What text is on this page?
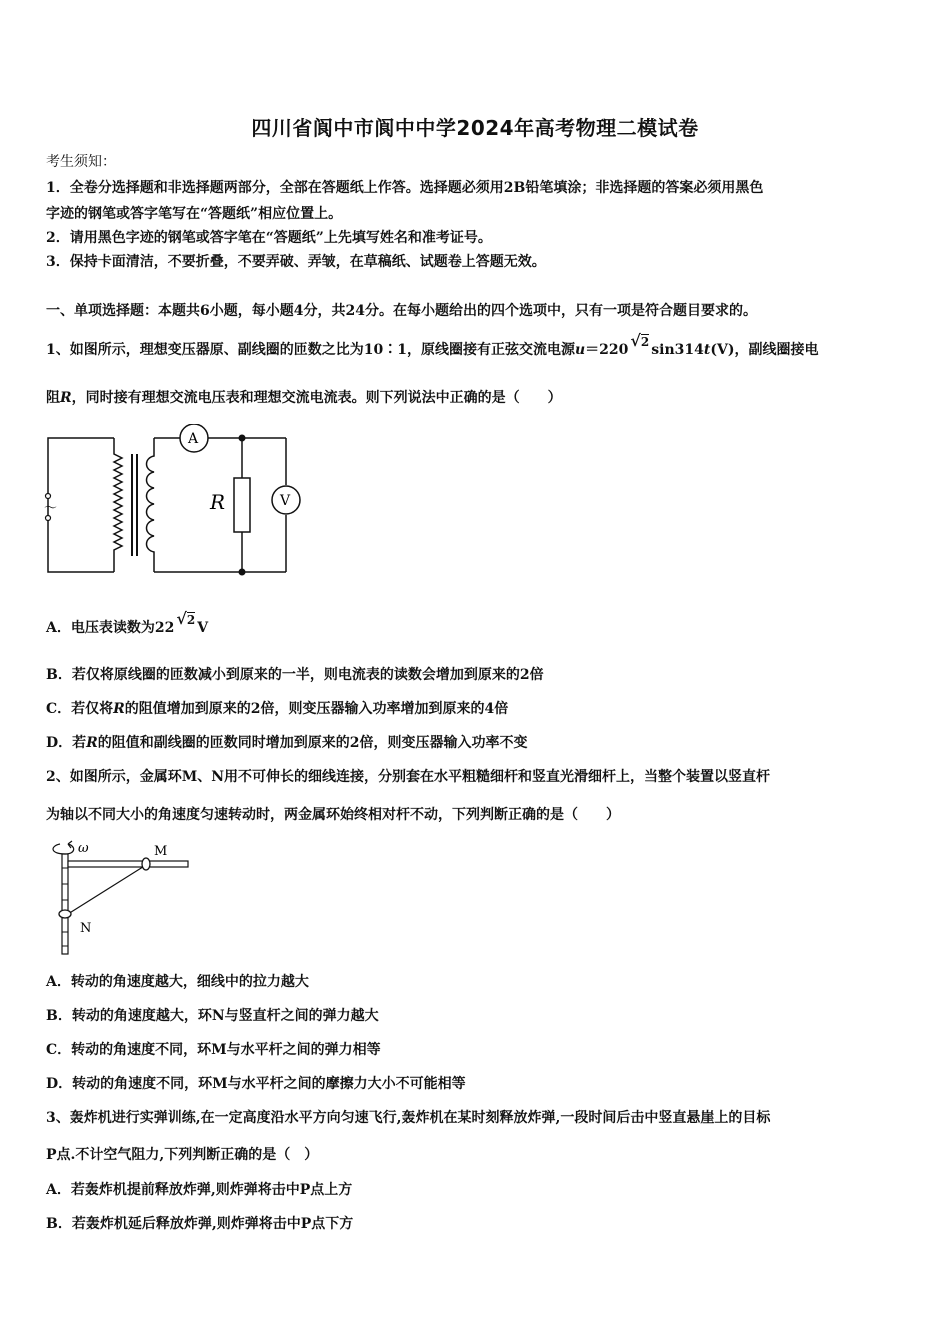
四川省阆中市阆中中学2024年高考物理二模试卷
考生须知：
1．全卷分选择题和非选择题两部分，全部在答题纸上作答。选择题必须用2B铅笔填涂；非选择题的答案必须用黑色
字迹的钢笔或答字笔写在“答题纸”相应位置上。
2．请用黑色字迹的钢笔或答字笔在“答题纸”上先填写姓名和准考证号。
3．保持卡面清洁，不要折叠，不要弄破、弄皱，在草稿纸、试题卷上答题无效。
一、单项选择题：本题共6小题，每小题4分，共24分。在每小题给出的四个选项中，只有一项是符合题目要求的。
1、如图所示，理想变压器原、副线圈的匝数之比为10∶1，原线圈接有正弦交流电源u＝220 √2 sin314t(V)，副线圈接电
阻R，同时接有理想交流电压表和理想交流电流表。则下列说法中正确的是（　　）
～
A
V
R
A．电压表读数为22 √2 V
B．若仅将原线圈的匝数减小到原来的一半，则电流表的读数会增加到原来的2倍
C．若仅将R的阻值增加到原来的2倍，则变压器输入功率增加到原来的4倍
D．若R的阻值和副线圈的匝数同时增加到原来的2倍，则变压器输入功率不变
2、如图所示，金属环M、N用不可伸长的细线连接，分别套在水平粗糙细杆和竖直光滑细杆上，当整个装置以竖直杆
为轴以不同大小的角速度匀速转动时，两金属环始终相对杆不动，下列判断正确的是（　　）
ω	M
N
A．转动的角速度越大，细线中的拉力越大
B．转动的角速度越大，环N与竖直杆之间的弹力越大
C．转动的角速度不同，环M与水平杆之间的弹力相等
D．转动的角速度不同，环M与水平杆之间的摩擦力大小不可能相等
3、轰炸机进行实弹训练,在一定高度沿水平方向匀速飞行,轰炸机在某时刻释放炸弹,一段时间后击中竖直悬崖上的目标
P点.不计空气阻力,下列判断正确的是（　）
A．若轰炸机提前释放炸弹,则炸弹将击中P点上方
B．若轰炸机延后释放炸弹,则炸弹将击中P点下方
